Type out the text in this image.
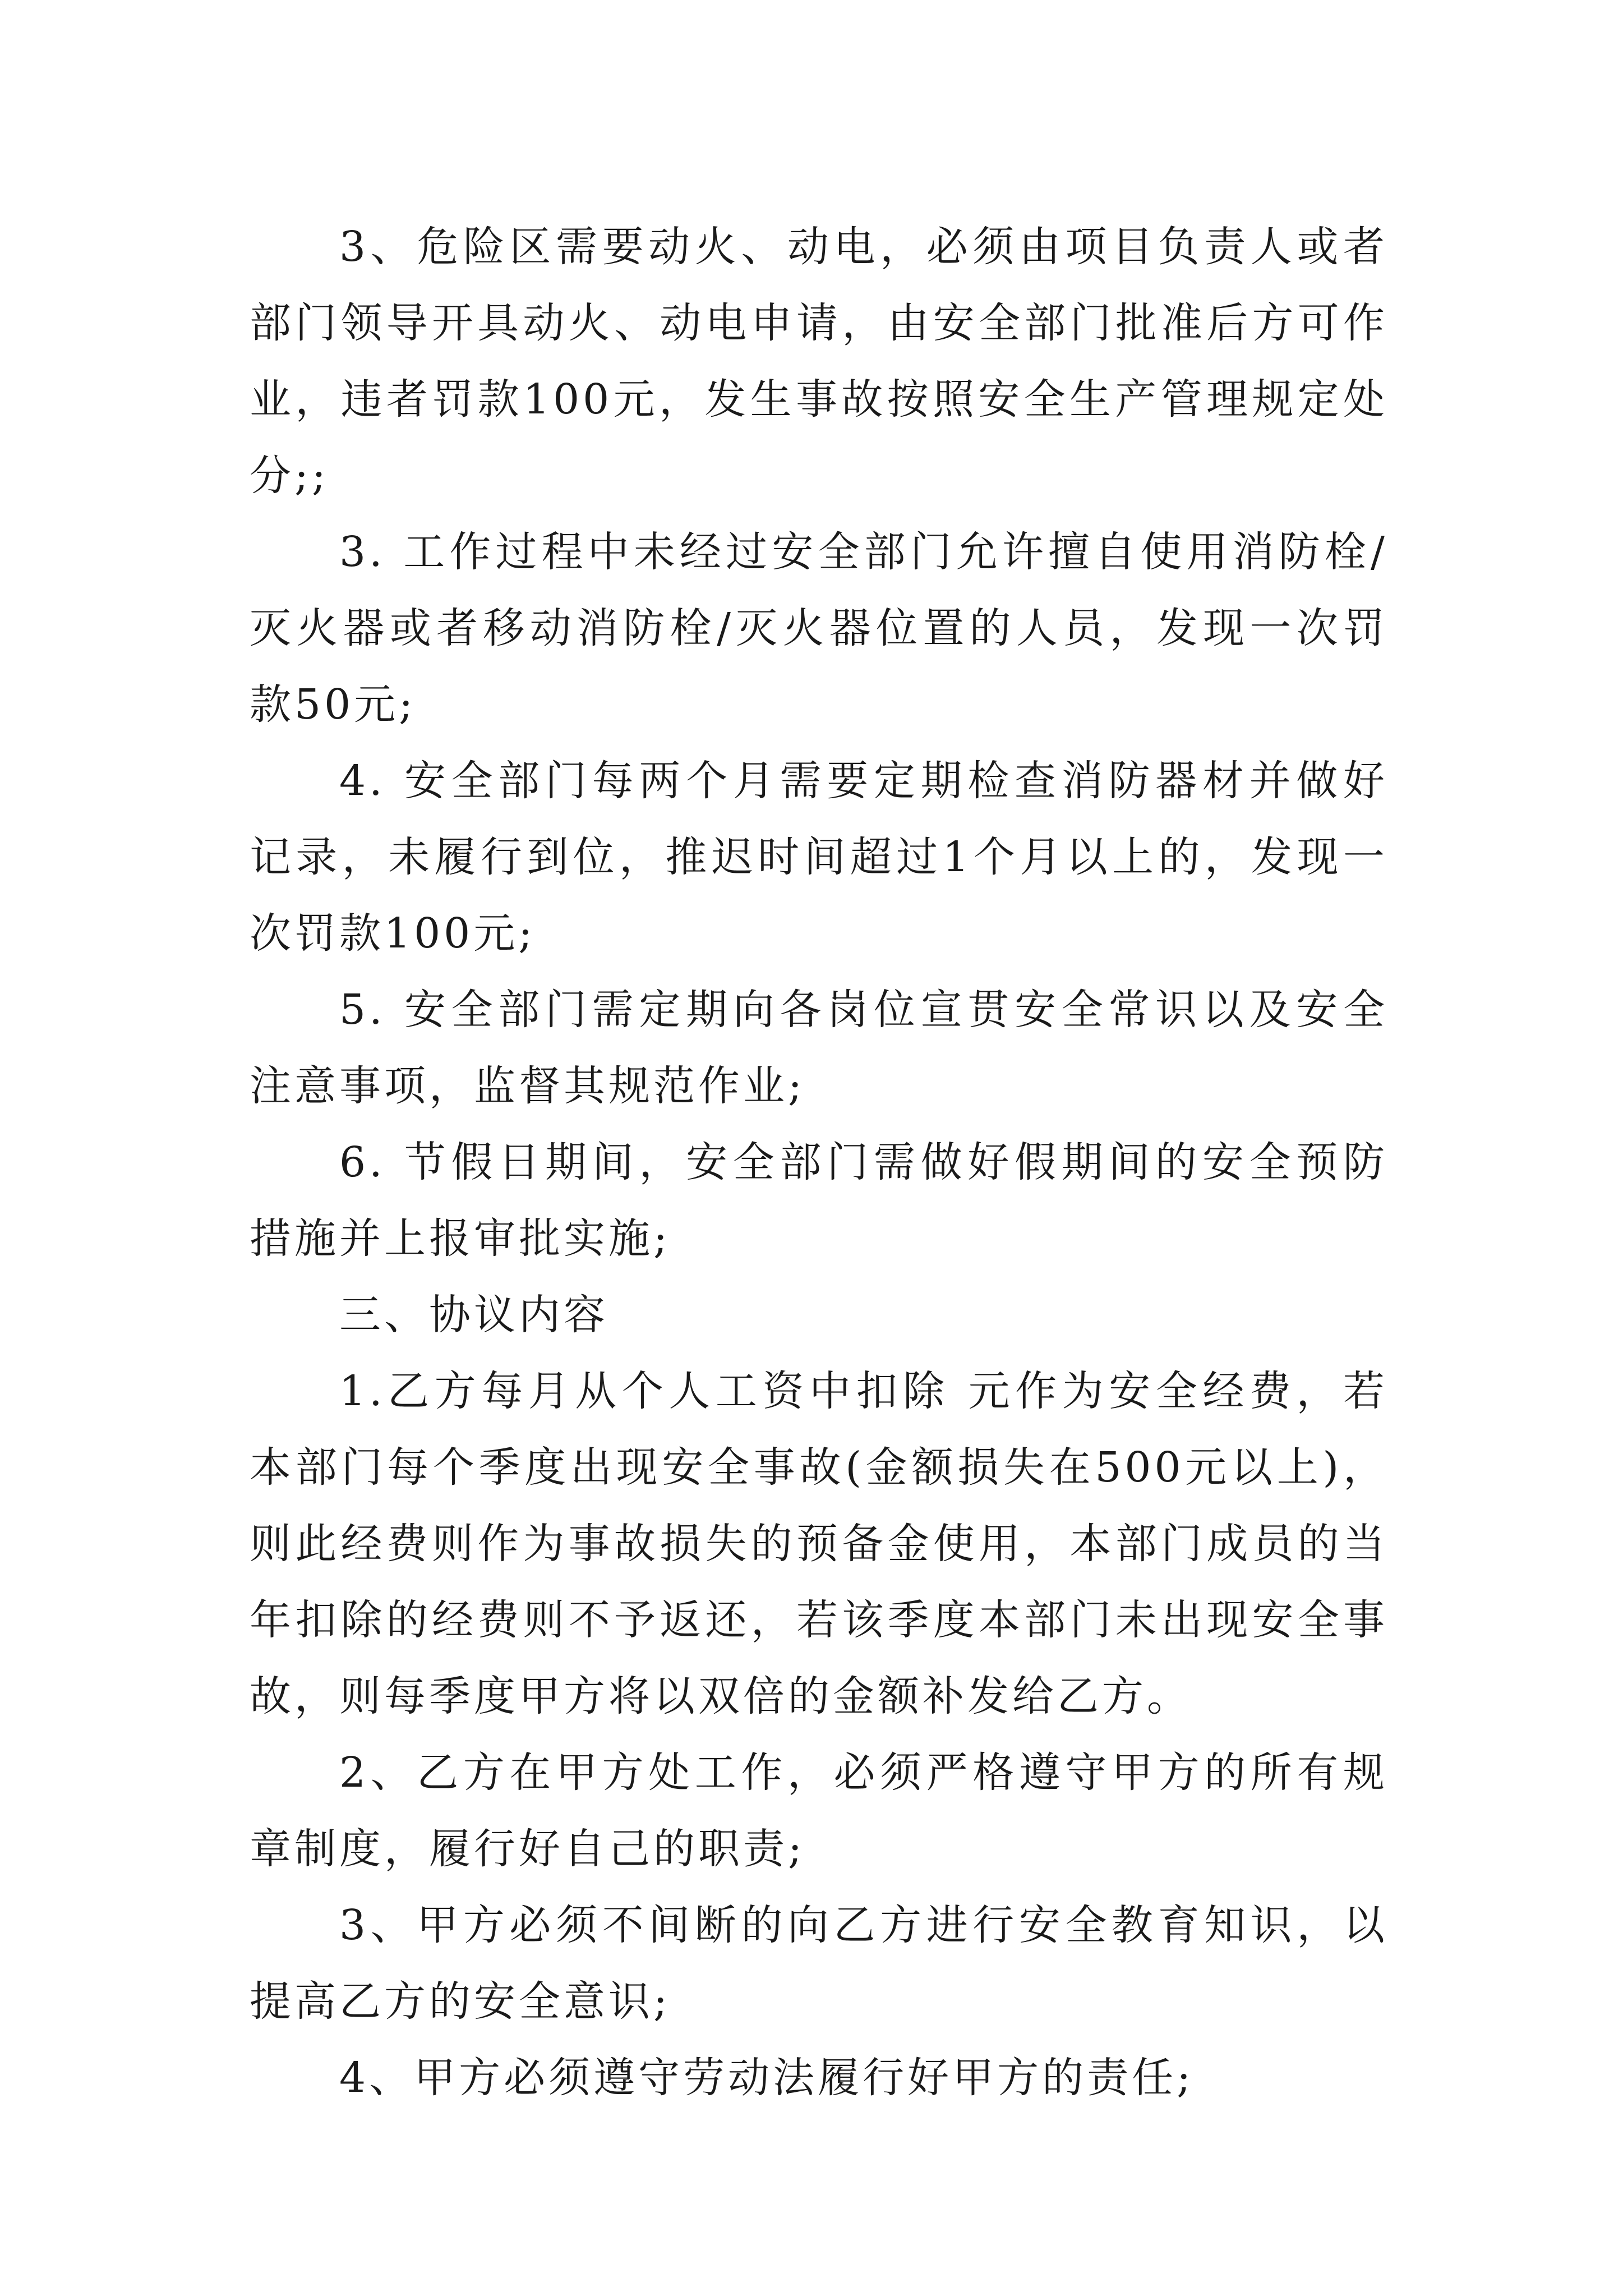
3、危险区需要动火、动电，必须由项目负责人或者部门领导开具动火、动电申请，由安全部门批准后方可作业，违者罚款100元，发生事故按照安全生产管理规定处分;;

3. 工作过程中未经过安全部门允许擅自使用消防栓/灭火器或者移动消防栓/灭火器位置的人员，发现一次罚款50元;

4. 安全部门每两个月需要定期检查消防器材并做好记录，未履行到位，推迟时间超过1个月以上的，发现一次罚款100元;

5. 安全部门需定期向各岗位宣贯安全常识以及安全注意事项，监督其规范作业;

6. 节假日期间，安全部门需做好假期间的安全预防措施并上报审批实施;

三、协议内容

1.乙方每月从个人工资中扣除 元作为安全经费，若本部门每个季度出现安全事故(金额损失在500元以上)，则此经费则作为事故损失的预备金使用，本部门成员的当年扣除的经费则不予返还，若该季度本部门未出现安全事故，则每季度甲方将以双倍的金额补发给乙方。

2、乙方在甲方处工作，必须严格遵守甲方的所有规章制度，履行好自己的职责;

3、甲方必须不间断的向乙方进行安全教育知识，以提高乙方的安全意识;

4、甲方必须遵守劳动法履行好甲方的责任;
